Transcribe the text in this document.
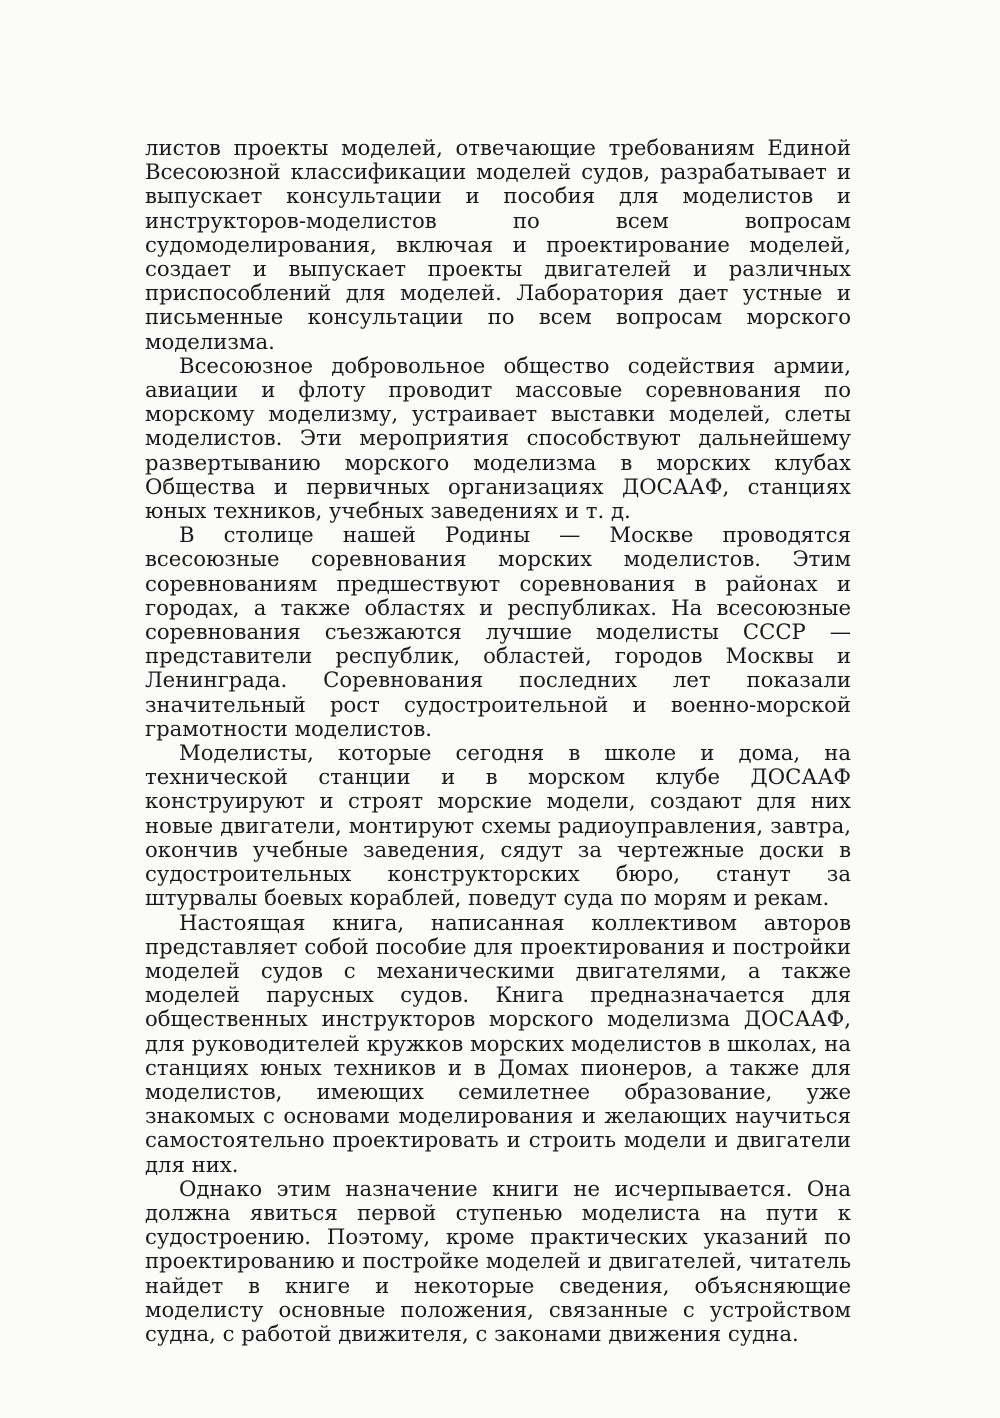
листов проекты моделей, отвечающие требованиям Единой Всесоюзной классификации моделей судов, разрабатывает и выпускает консультации и пособия для моделистов и инструкторов-моделистов по всем вопросам судомоделирования, включая и проектирование моделей, создает и выпускает проекты двигателей и различных приспособлений для моделей. Лаборатория дает устные и письменные консультации по всем вопросам морского моделизма.

Всесоюзное добровольное общество содействия армии, авиации и флоту проводит массовые соревнования по морскому моделизму, устраивает выставки моделей, слеты моделистов. Эти мероприятия способствуют дальнейшему развертыванию морского моделизма в морских клубах Общества и первичных организациях ДОСААФ, станциях юных техников, учебных заведениях и т. д.

В столице нашей Родины — Москве проводятся всесоюзные соревнования морских моделистов. Этим соревнованиям предшествуют соревнования в районах и городах, а также областях и республиках. На всесоюзные соревнования съезжаются лучшие моделисты СССР — представители республик, областей, городов Москвы и Ленинграда. Соревнования последних лет показали значительный рост судостроительной и военно-морской грамотности моделистов.

Моделисты, которые сегодня в школе и дома, на технической станции и в морском клубе ДОСААФ конструируют и строят морские модели, создают для них новые двигатели, монтируют схемы радиоуправления, завтра, окончив учебные заведения, сядут за чертежные доски в судостроительных конструкторских бюро, станут за штурвалы боевых кораблей, поведут суда по морям и рекам.

Настоящая книга, написанная коллективом авторов представляет собой пособие для проектирования и постройки моделей судов с механическими двигателями, а также моделей парусных судов. Книга предназначается для общественных инструкторов морского моделизма ДОСААФ, для руководителей кружков морских моделистов в школах, на станциях юных техников и в Домах пионеров, а также для моделистов, имеющих семилетнее образование, уже знакомых с основами моделирования и желающих научиться самостоятельно проектировать и строить модели и двигатели для них.

Однако этим назначение книги не исчерпывается. Она должна явиться первой ступенью моделиста на пути к судостроению. Поэтому, кроме практических указаний по проектированию и постройке моделей и двигателей, читатель найдет в книге и некоторые сведения, объясняющие моделисту основные положения, связанные с устройством судна, с работой движителя, с законами движения судна.
